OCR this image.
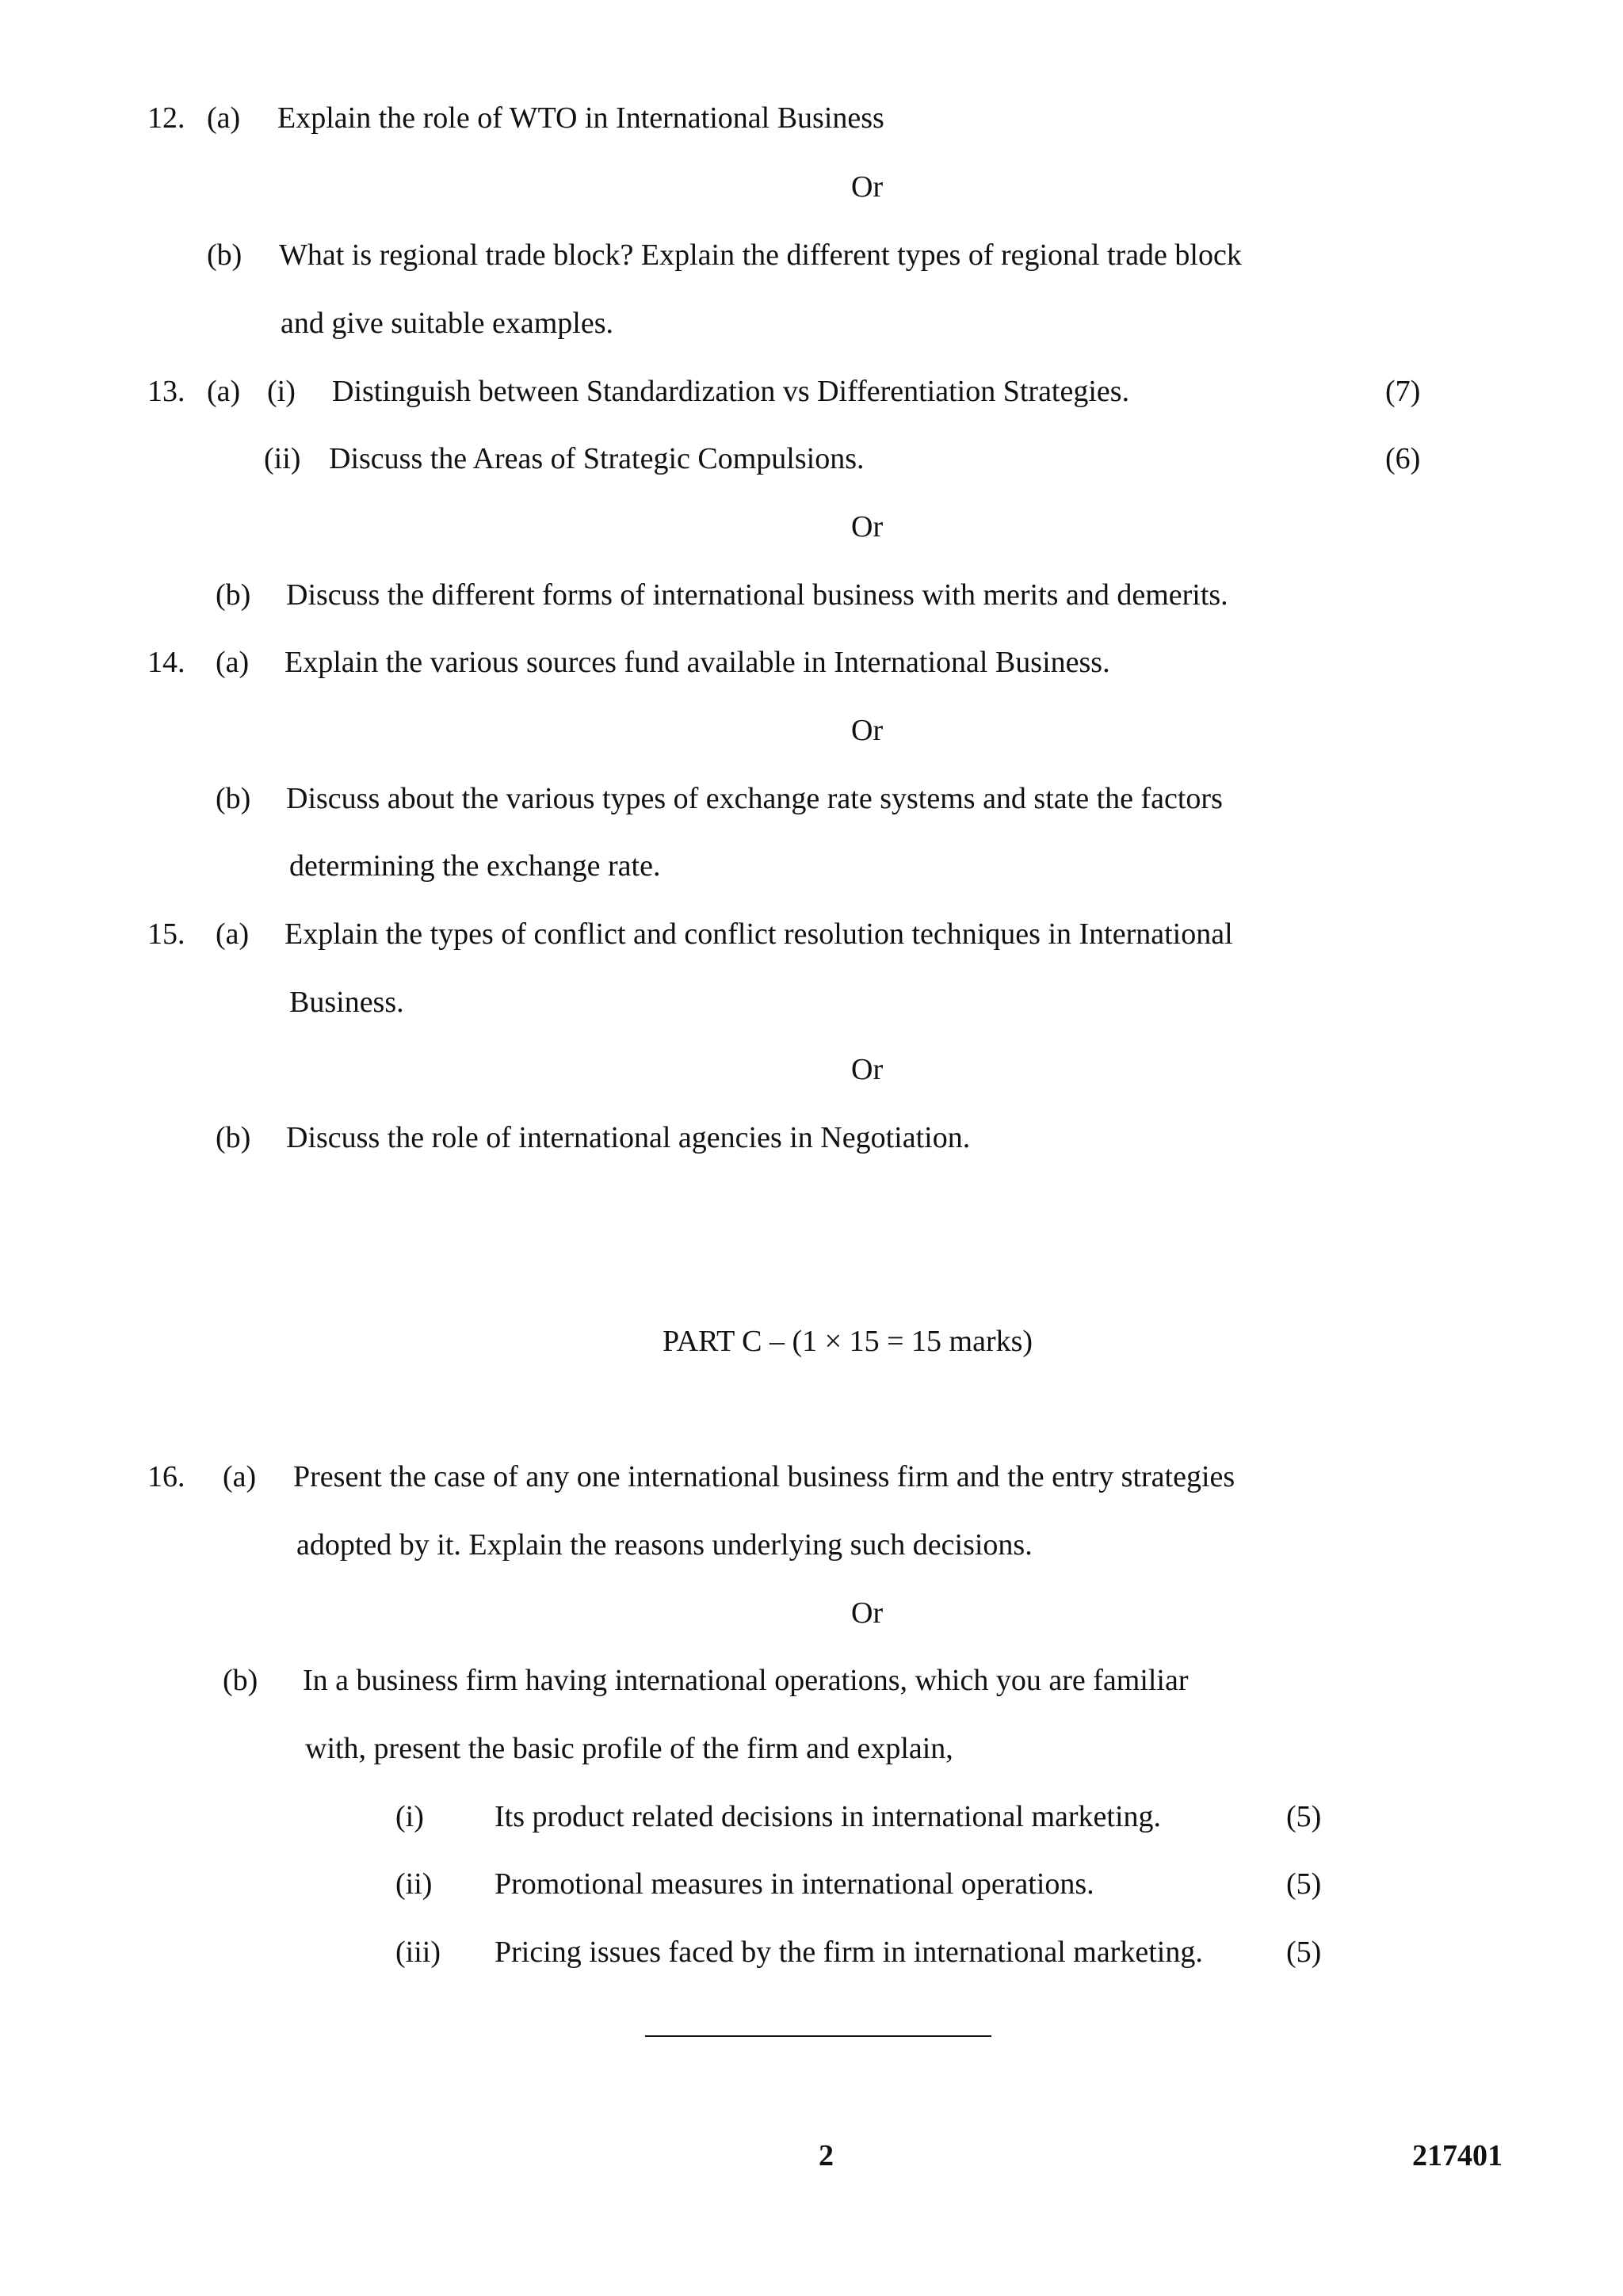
12. (a) Explain the role of WTO in International Business
Or
(b) What is regional trade block? Explain the different types of regional trade block
and give suitable examples.
13. (a) (i) Distinguish between Standardization vs Differentiation Strategies.	(7)
(ii) Discuss the Areas of Strategic Compulsions.	(6)
Or
(b) Discuss the different forms of international business with merits and demerits.
14. (a) Explain the various sources fund available in International Business.
Or
(b) Discuss about the various types of exchange rate systems and state the factors
determining the exchange rate.
15. (a) Explain the types of conflict and conflict resolution techniques in International
Business.
Or
(b) Discuss the role of international agencies in Negotiation.
PART C – (1 × 15 = 15 marks)
16. (a) Present the case of any one international business firm and the entry strategies
adopted by it. Explain the reasons underlying such decisions.
Or
(b) In a business firm having international operations, which you are familiar
with, present the basic profile of the firm and explain,
(i) Its product related decisions in international marketing.	(5)
(ii) Promotional measures in international operations.	(5)
(iii) Pricing issues faced by the firm in international marketing.	(5)
2	217401
